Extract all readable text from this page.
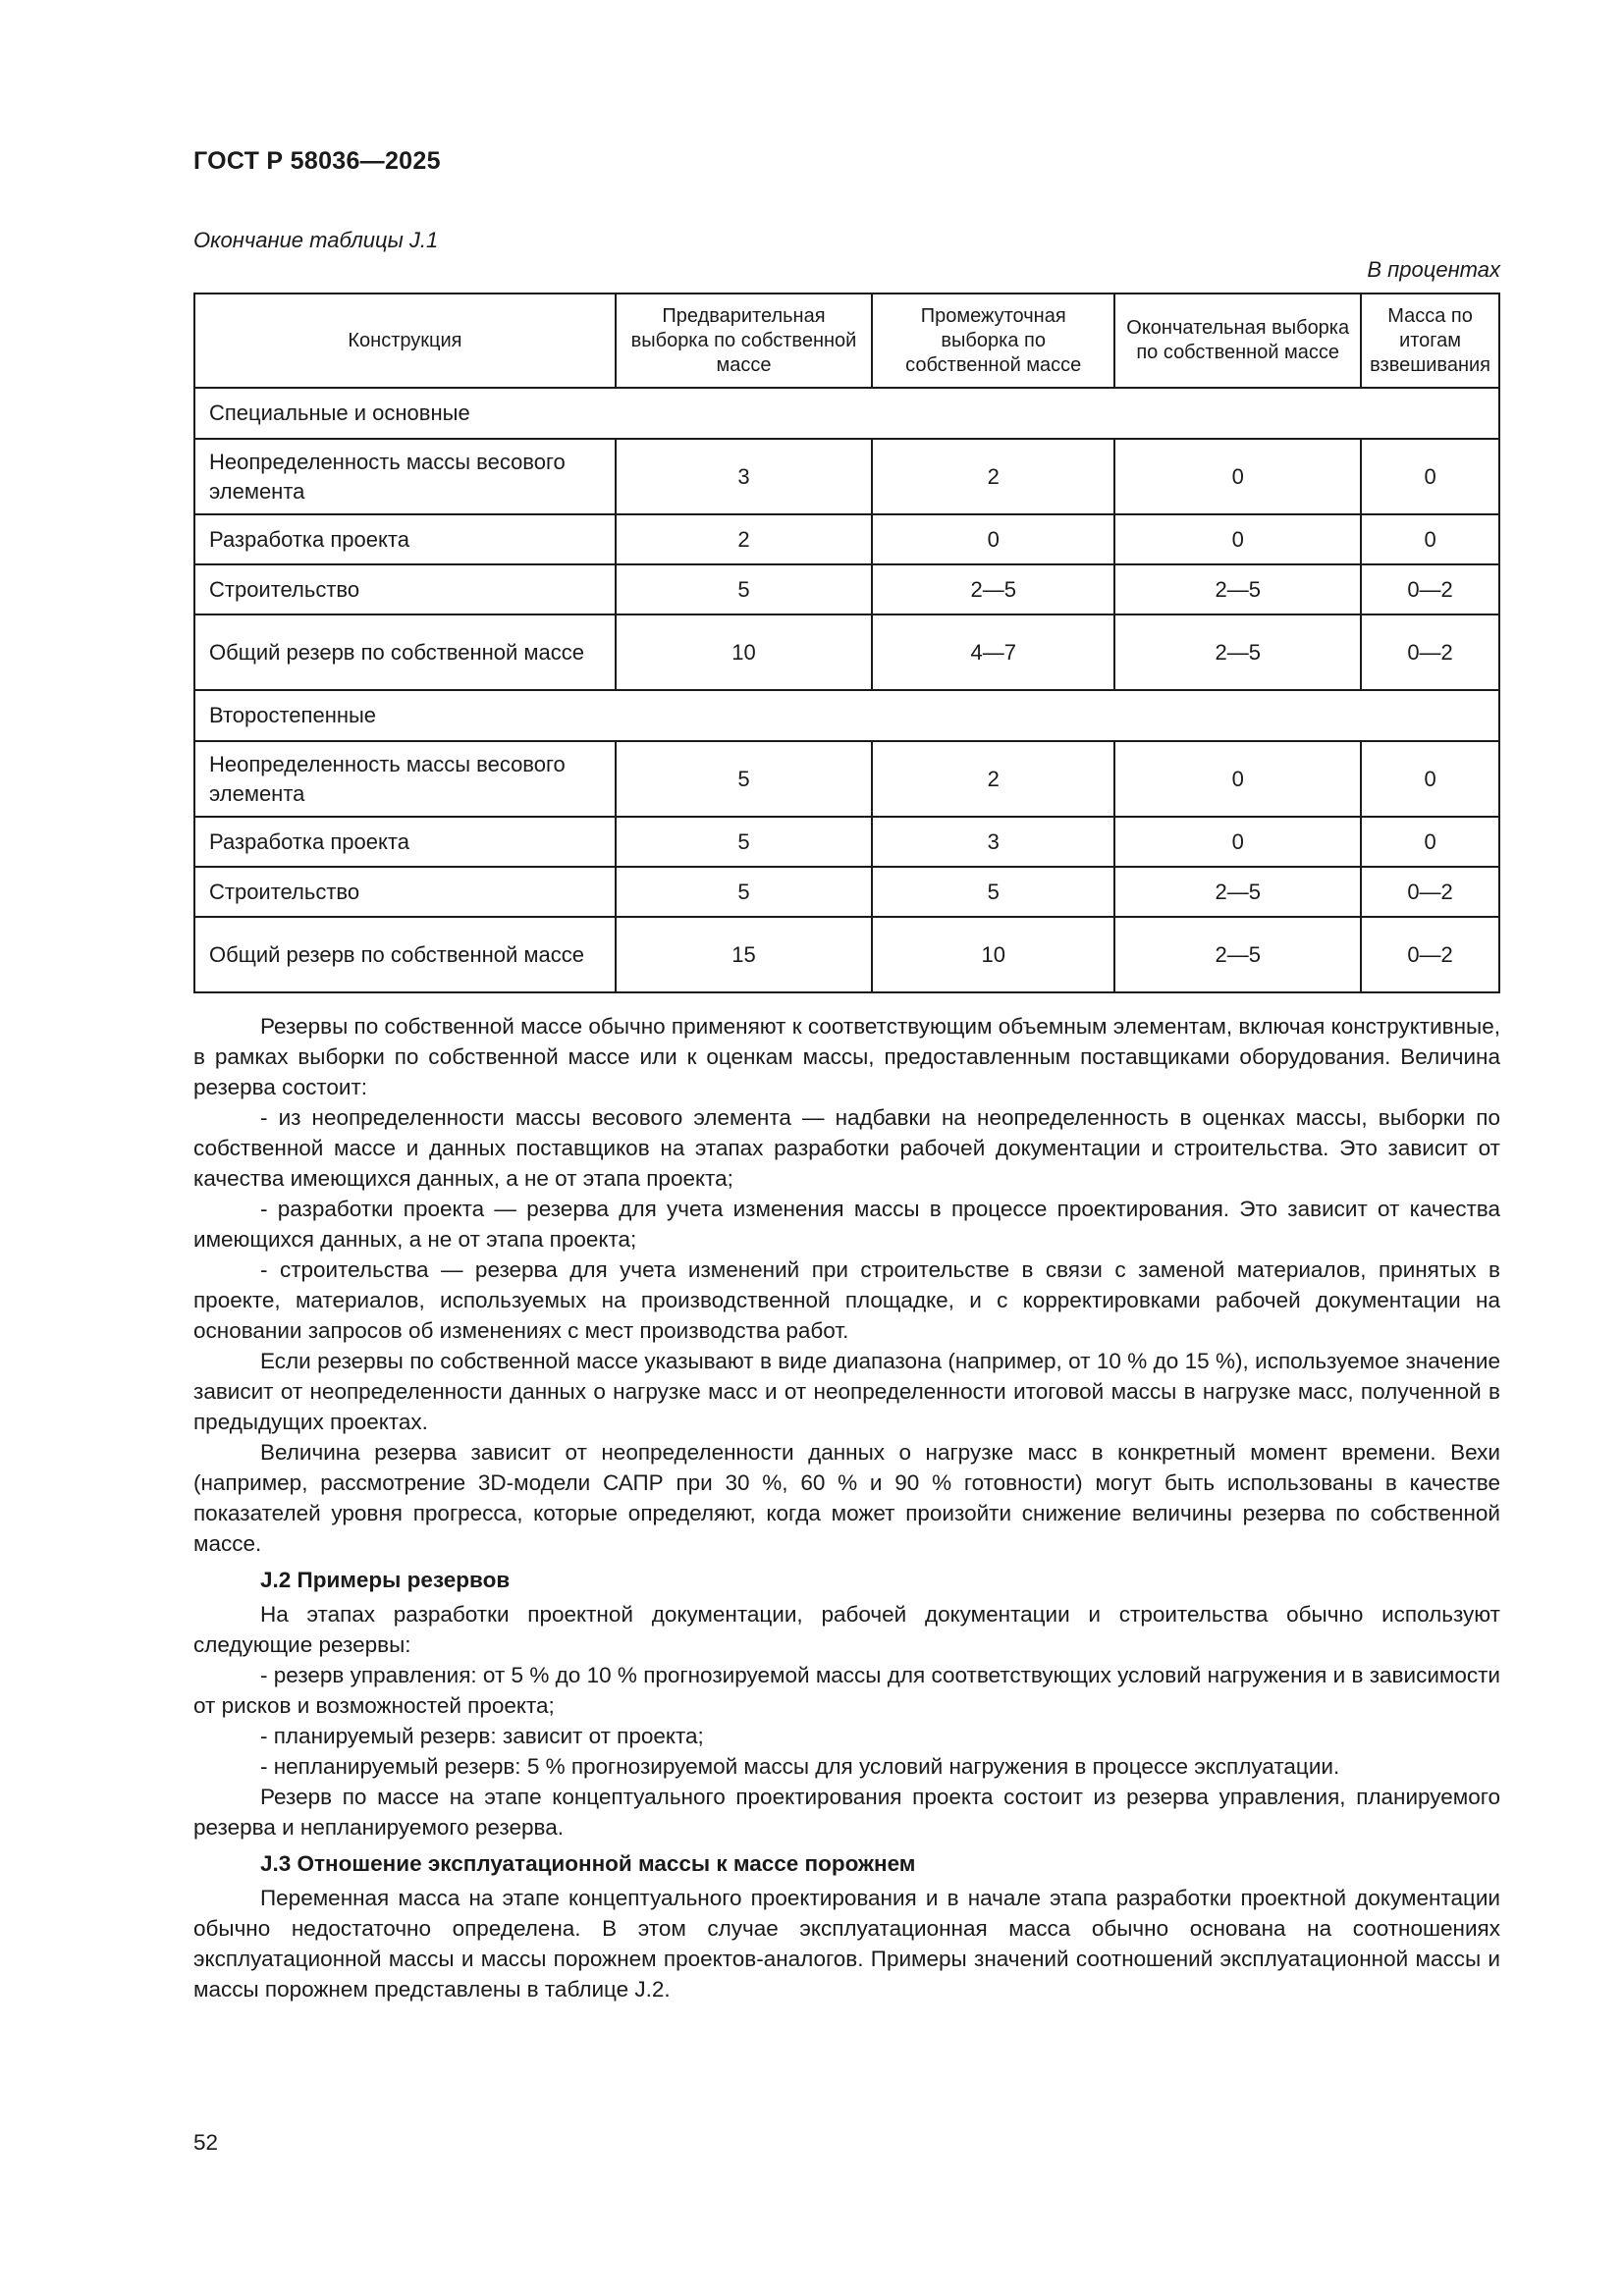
ГОСТ Р 58036—2025
Окончание таблицы J.1
В процентах
Конструкция	Предварительная выборка по собственной массе	Промежуточная выборка по собственной массе	Окончательная выборка по собственной массе	Масса по итогам взвешивания
Специальные и основные				
Неопределенность массы весового элемента	3	2	0	0
Разработка проекта	2	0	0	0
Строительство	5	2—5	2—5	0—2
Общий резерв по собственной массе	10	4—7	2—5	0—2
Второстепенные				
Неопределенность массы весового элемента	5	2	0	0
Разработка проекта	5	3	0	0
Строительство	5	5	2—5	0—2
Общий резерв по собственной массе	15	10	2—5	0—2

Резервы по собственной массе обычно применяют к соответствующим объемным элементам, включая конструктивные, в рамках выборки по собственной массе или к оценкам массы, предоставленным поставщиками оборудования. Величина резерва состоит:

- из неопределенности массы весового элемента — надбавки на неопределенность в оценках массы, выборки по собственной массе и данных поставщиков на этапах разработки рабочей документации и строительства. Это зависит от качества имеющихся данных, а не от этапа проекта;

- разработки проекта — резерва для учета изменения массы в процессе проектирования. Это зависит от качества имеющихся данных, а не от этапа проекта;

- строительства — резерва для учета изменений при строительстве в связи с заменой материалов, принятых в проекте, материалов, используемых на производственной площадке, и с корректировками рабочей документации на основании запросов об изменениях с мест производства работ.

Если резервы по собственной массе указывают в виде диапазона (например, от 10 % до 15 %), используемое значение зависит от неопределенности данных о нагрузке масс и от неопределенности итоговой массы в нагрузке масс, полученной в предыдущих проектах.

Величина резерва зависит от неопределенности данных о нагрузке масс в конкретный момент времени. Вехи (например, рассмотрение 3D-модели САПР при 30 %, 60 % и 90 % готовности) могут быть использованы в качестве показателей уровня прогресса, которые определяют, когда может произойти снижение величины резерва по собственной массе.

J.2 Примеры резервов

На этапах разработки проектной документации, рабочей документации и строительства обычно используют следующие резервы:

- резерв управления: от 5 % до 10 % прогнозируемой массы для соответствующих условий нагружения и в зависимости от рисков и возможностей проекта;

- планируемый резерв: зависит от проекта;

- непланируемый резерв: 5 % прогнозируемой массы для условий нагружения в процессе эксплуатации.

Резерв по массе на этапе концептуального проектирования проекта состоит из резерва управления, планируемого резерва и непланируемого резерва.

J.3 Отношение эксплуатационной массы к массе порожнем

Переменная масса на этапе концептуального проектирования и в начале этапа разработки проектной документации обычно недостаточно определена. В этом случае эксплуатационная масса обычно основана на соотношениях эксплуатационной массы и массы порожнем проектов-аналогов. Примеры значений соотношений эксплуатационной массы и массы порожнем представлены в таблице J.2.

52
